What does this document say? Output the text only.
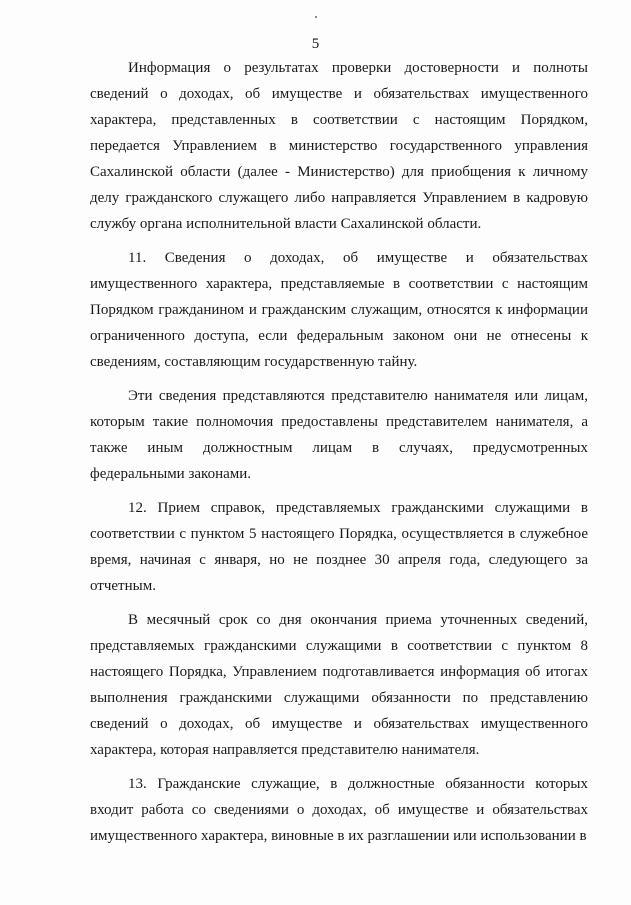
5

Информация о результатах проверки достоверности и полноты сведений о доходах, об имуществе и обязательствах имущественного характера, представленных в соответствии с настоящим Порядком, передается Управлением в министерство государственного управления Сахалинской области (далее - Министерство) для приобщения к личному делу гражданского служащего либо направляется Управлением в кадровую службу органа исполнительной власти Сахалинской области.

11. Сведения о доходах, об имуществе и обязательствах имущественного характера, представляемые в соответствии с настоящим Порядком гражданином и гражданским служащим, относятся к информации ограниченного доступа, если федеральным законом они не отнесены к сведениям, составляющим государственную тайну.

Эти сведения представляются представителю нанимателя или лицам, которым такие полномочия предоставлены представителем нанимателя, а также иным должностным лицам в случаях, предусмотренных федеральными законами.

12. Прием справок, представляемых гражданскими служащими в соответствии с пунктом 5 настоящего Порядка, осуществляется в служебное время, начиная с января, но не позднее 30 апреля года, следующего за отчетным.

В месячный срок со дня окончания приема уточненных сведений, представляемых гражданскими служащими в соответствии с пунктом 8 настоящего Порядка, Управлением подготавливается информация об итогах выполнения гражданскими служащими обязанности по представлению сведений о доходах, об имуществе и обязательствах имущественного характера, которая направляется представителю нанимателя.

13. Гражданские служащие, в должностные обязанности которых входит работа со сведениями о доходах, об имуществе и обязательствах имущественного характера, виновные в их разглашении или использовании в
